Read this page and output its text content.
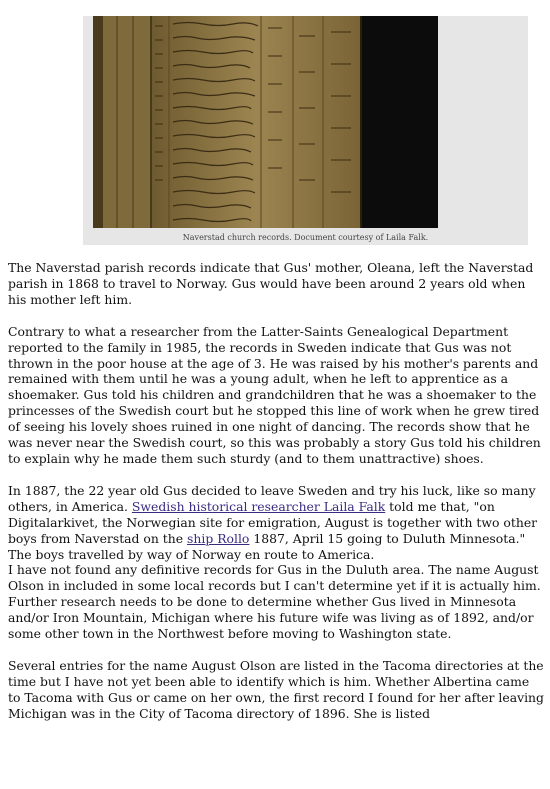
Naverstad church records. Document courtesy of Laila Falk.

The Naverstad parish records indicate that Gus' mother, Oleana, left the Naverstad parish in 1868 to travel to Norway. Gus would have been around 2 years old when his mother left him.

Contrary to what a researcher from the Latter-Saints Genealogical Department reported to the family in 1985, the records in Sweden indicate that Gus was not thrown in the poor house at the age of 3. He was raised by his mother's parents and remained with them until he was a young adult, when he left to apprentice as a shoemaker. Gus told his children and grandchildren that he was a shoemaker to the princesses of the Swedish court but he stopped this line of work when he grew tired of seeing his lovely shoes ruined in one night of dancing. The records show that he was never near the Swedish court, so this was probably a story Gus told his children to explain why he made them such sturdy (and to them unattractive) shoes.

In 1887, the 22 year old Gus decided to leave Sweden and try his luck, like so many others, in America. Swedish historical researcher Laila Falk told me that, "on Digitalarkivet, the Norwegian site for emigration, August is together with two other boys from Naverstad on the ship Rollo 1887, April 15 going to Duluth Minnesota." The boys travelled by way of Norway en route to America.

I have not found any definitive records for Gus in the Duluth area. The name August Olson in included in some local records but I can't determine yet if it is actually him. Further research needs to be done to determine whether Gus lived in Minnesota and/or Iron Mountain, Michigan where his future wife was living as of 1892, and/or some other town in the Northwest before moving to Washington state.

Several entries for the name August Olson are listed in the Tacoma directories at the time but I have not yet been able to identify which is him. Whether Albertina came to Tacoma with Gus or came on her own, the first record I found for her after leaving Michigan was in the City of Tacoma directory of 1896. She is listed
